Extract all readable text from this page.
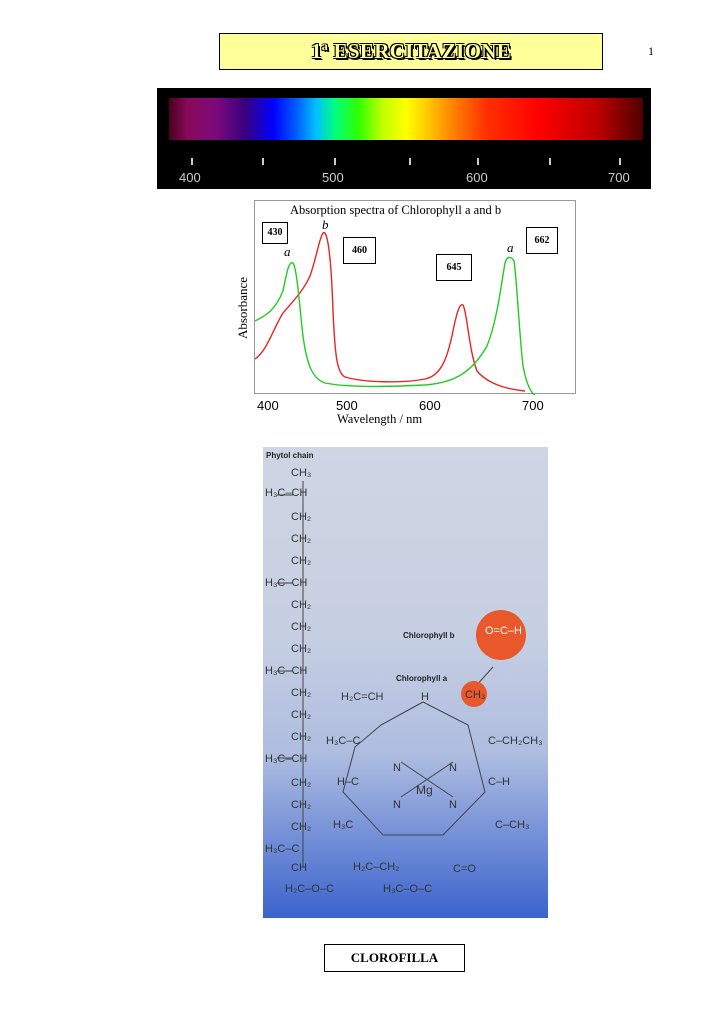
1$^a$ ESERCITAZIONE	1
400	500	600	700
Absorption spectra of Chlorophyll a and b
430
460
645
662
a
b
a
Absorbance
400	500	600	700
Wavelength / nm
Phytol chain
CH₃
H₃C–CH
CH₂
CH₂
CH₂
H₃C–CH
CH₂
CH₂
CH₂
H₃C–CH
CH₂
CH₂
CH₂
H₃C–CH
CH₂
CH₂
CH₂
H₃C–C
CH
H₂C–O–C
Chlorophyll b
Chlorophyll a
O=C–H
CH₃
H₂C=CH	H
C–CH₂CH₃
H₃C–C
H–C	C–H
Mg
N	N
N	N
H₃C	C–CH₃
H₂C–CH₂	C=O
H₃C–O–C
CLOROFILLA
